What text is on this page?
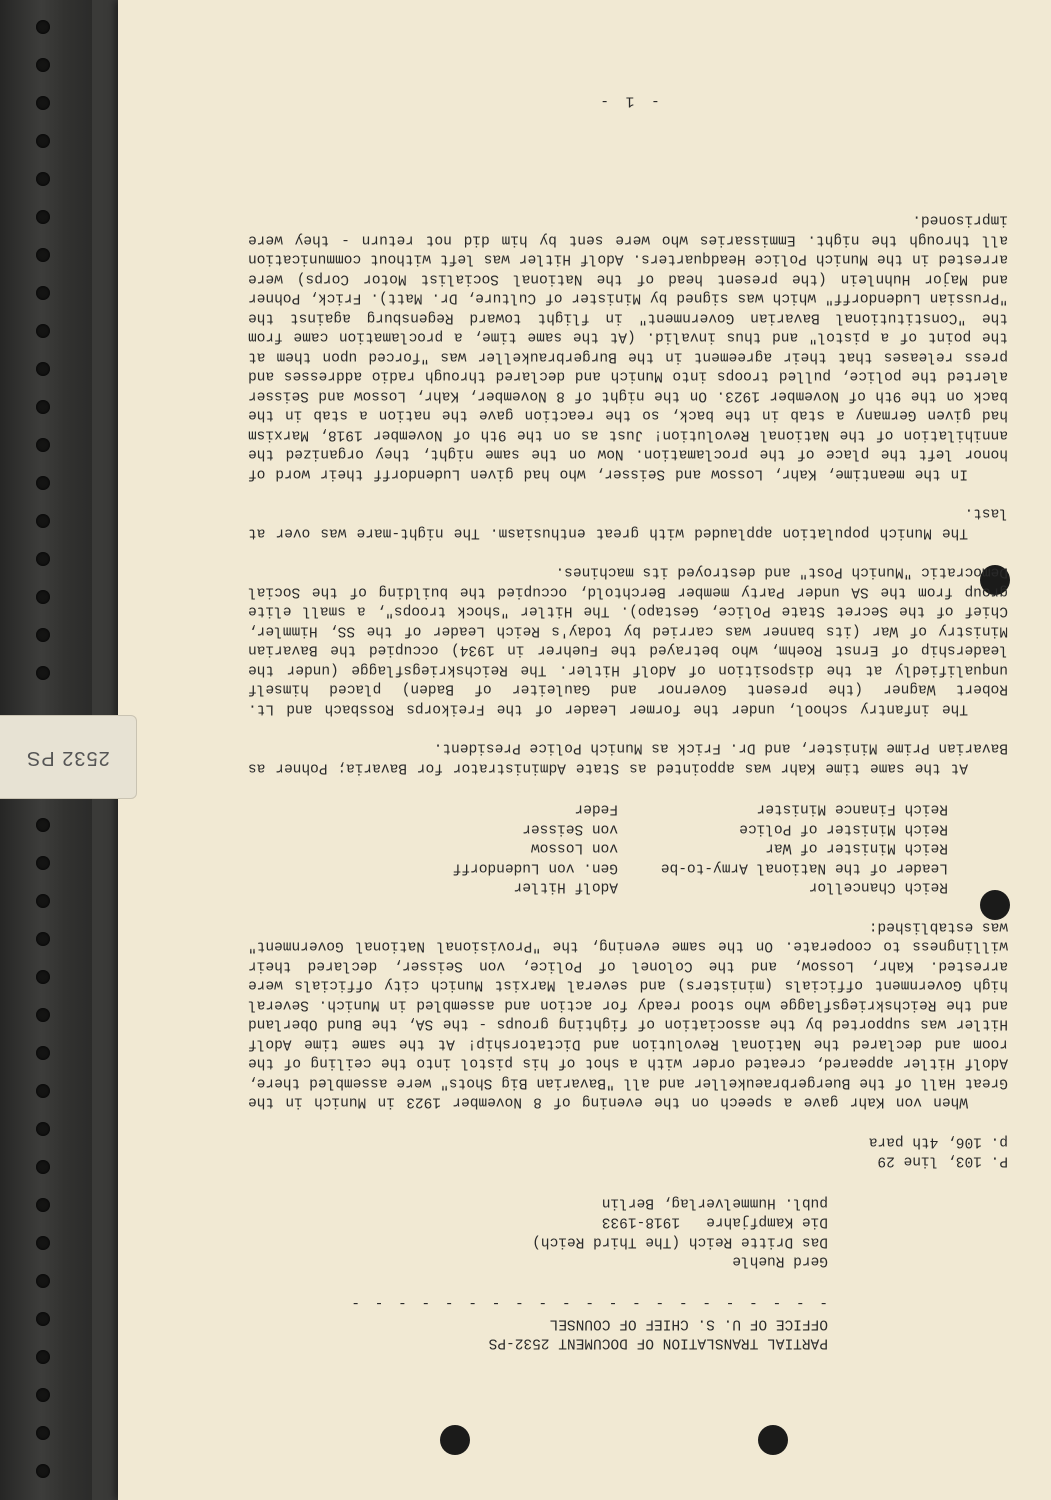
PARTIAL TRANSLATION OF DOCUMENT 2532-PS
OFFICE OF U. S. CHIEF OF COUNSEL
- - - - - - - - - - - - - - - - - - - - -
Gerd Ruehle
Das Dritte Reich (The Third Reich)
Die Kampfjahre   1918-1933
publ. Hummelverlag, Berlin
P. 103, line 29
p. 106, 4th para

When von Kahr gave a speech on the evening of 8 November 1923 in Munich in the Great Hall of the Buergerbraeukeller and all "Bavarian Big Shots" were assembled there, Adolf Hitler appeared, created order with a shot of his pistol into the ceiling of the room and declared the National Revolution and Dictatorship! At the same time Adolf Hitler was supported by the association of fighting groups - the SA, the Bund Oberland and the Reichskriegsflagge who stood ready for action and assembled in Munich. Several high Government officials (ministers) and several Marxist Munich city officials were arrested. Kahr, Lossow, and the Colonel of Police, von Seisser, declared their willingness to cooperate. On the same evening, the "Provisional National Government" was established:

Reich Chancellor
Adolf Hitler
Leader of the National Army-to-be
Gen. von Ludendorff
Reich Minister of War
von Lossow
Reich Minister of Police
von Seisser
Reich Finance Minister
Feder

At the same time Kahr was appointed as State Administrator for Bavaria; Pohner as Bavarian Prime Minister, and Dr. Frick as Munich Police President.

The infantry school, under the former Leader of the Freikorps Rossbach and Lt. Robert Wagner (the present Governor and Gauleiter of Baden) placed himself unqualifiedly at the disposition of Adolf Hitler. The Reichskriegsflagge (under the leadership of Ernst Roehm, who betrayed the Fuehrer in 1934) occupied the Bavarian Ministry of War (its banner was carried by today's Reich Leader of the SS, Himmler, Chief of the Secret State Police, Gestapo). The Hitler "shock troops", a small elite group from the SA under Party member Berchtold, occupied the building of the Social Democratic "Munich Post" and destroyed its machines.

The Munich population applauded with great enthusiasm. The night-mare was over at last.

In the meantime, Kahr, Lossow and Seisser, who had given Ludendorff their word of honor left the place of the proclamation. Now on the same night, they organized the annihilation of the National Revolution! Just as on the 9th of November 1918, Marxism had given Germany a stab in the back, so the reaction gave the nation a stab in the back on the 9th of November 1923. On the night of 8 November, Kahr, Lossow and Seisser alerted the police, pulled troops into Munich and declared through radio addresses and press releases that their agreement in the Burgerbraukeller was "forced upon them at the point of a pistol" and thus invalid. (At the same time, a proclamation came from the "Constitutional Bavarian Government" in flight toward Regensburg against the "Prussian Ludendorff" which was signed by Minister of Culture, Dr. Matt). Frick, Pohner and Major Huhnlein (the present head of the National Socialist Motor Corps) were arrested in the Munich Police Headquarters. Adolf Hitler was left without communication all through the night. Emmissaries who were sent by him did not return - they were imprisoned.

- 1 -
2532 PS
